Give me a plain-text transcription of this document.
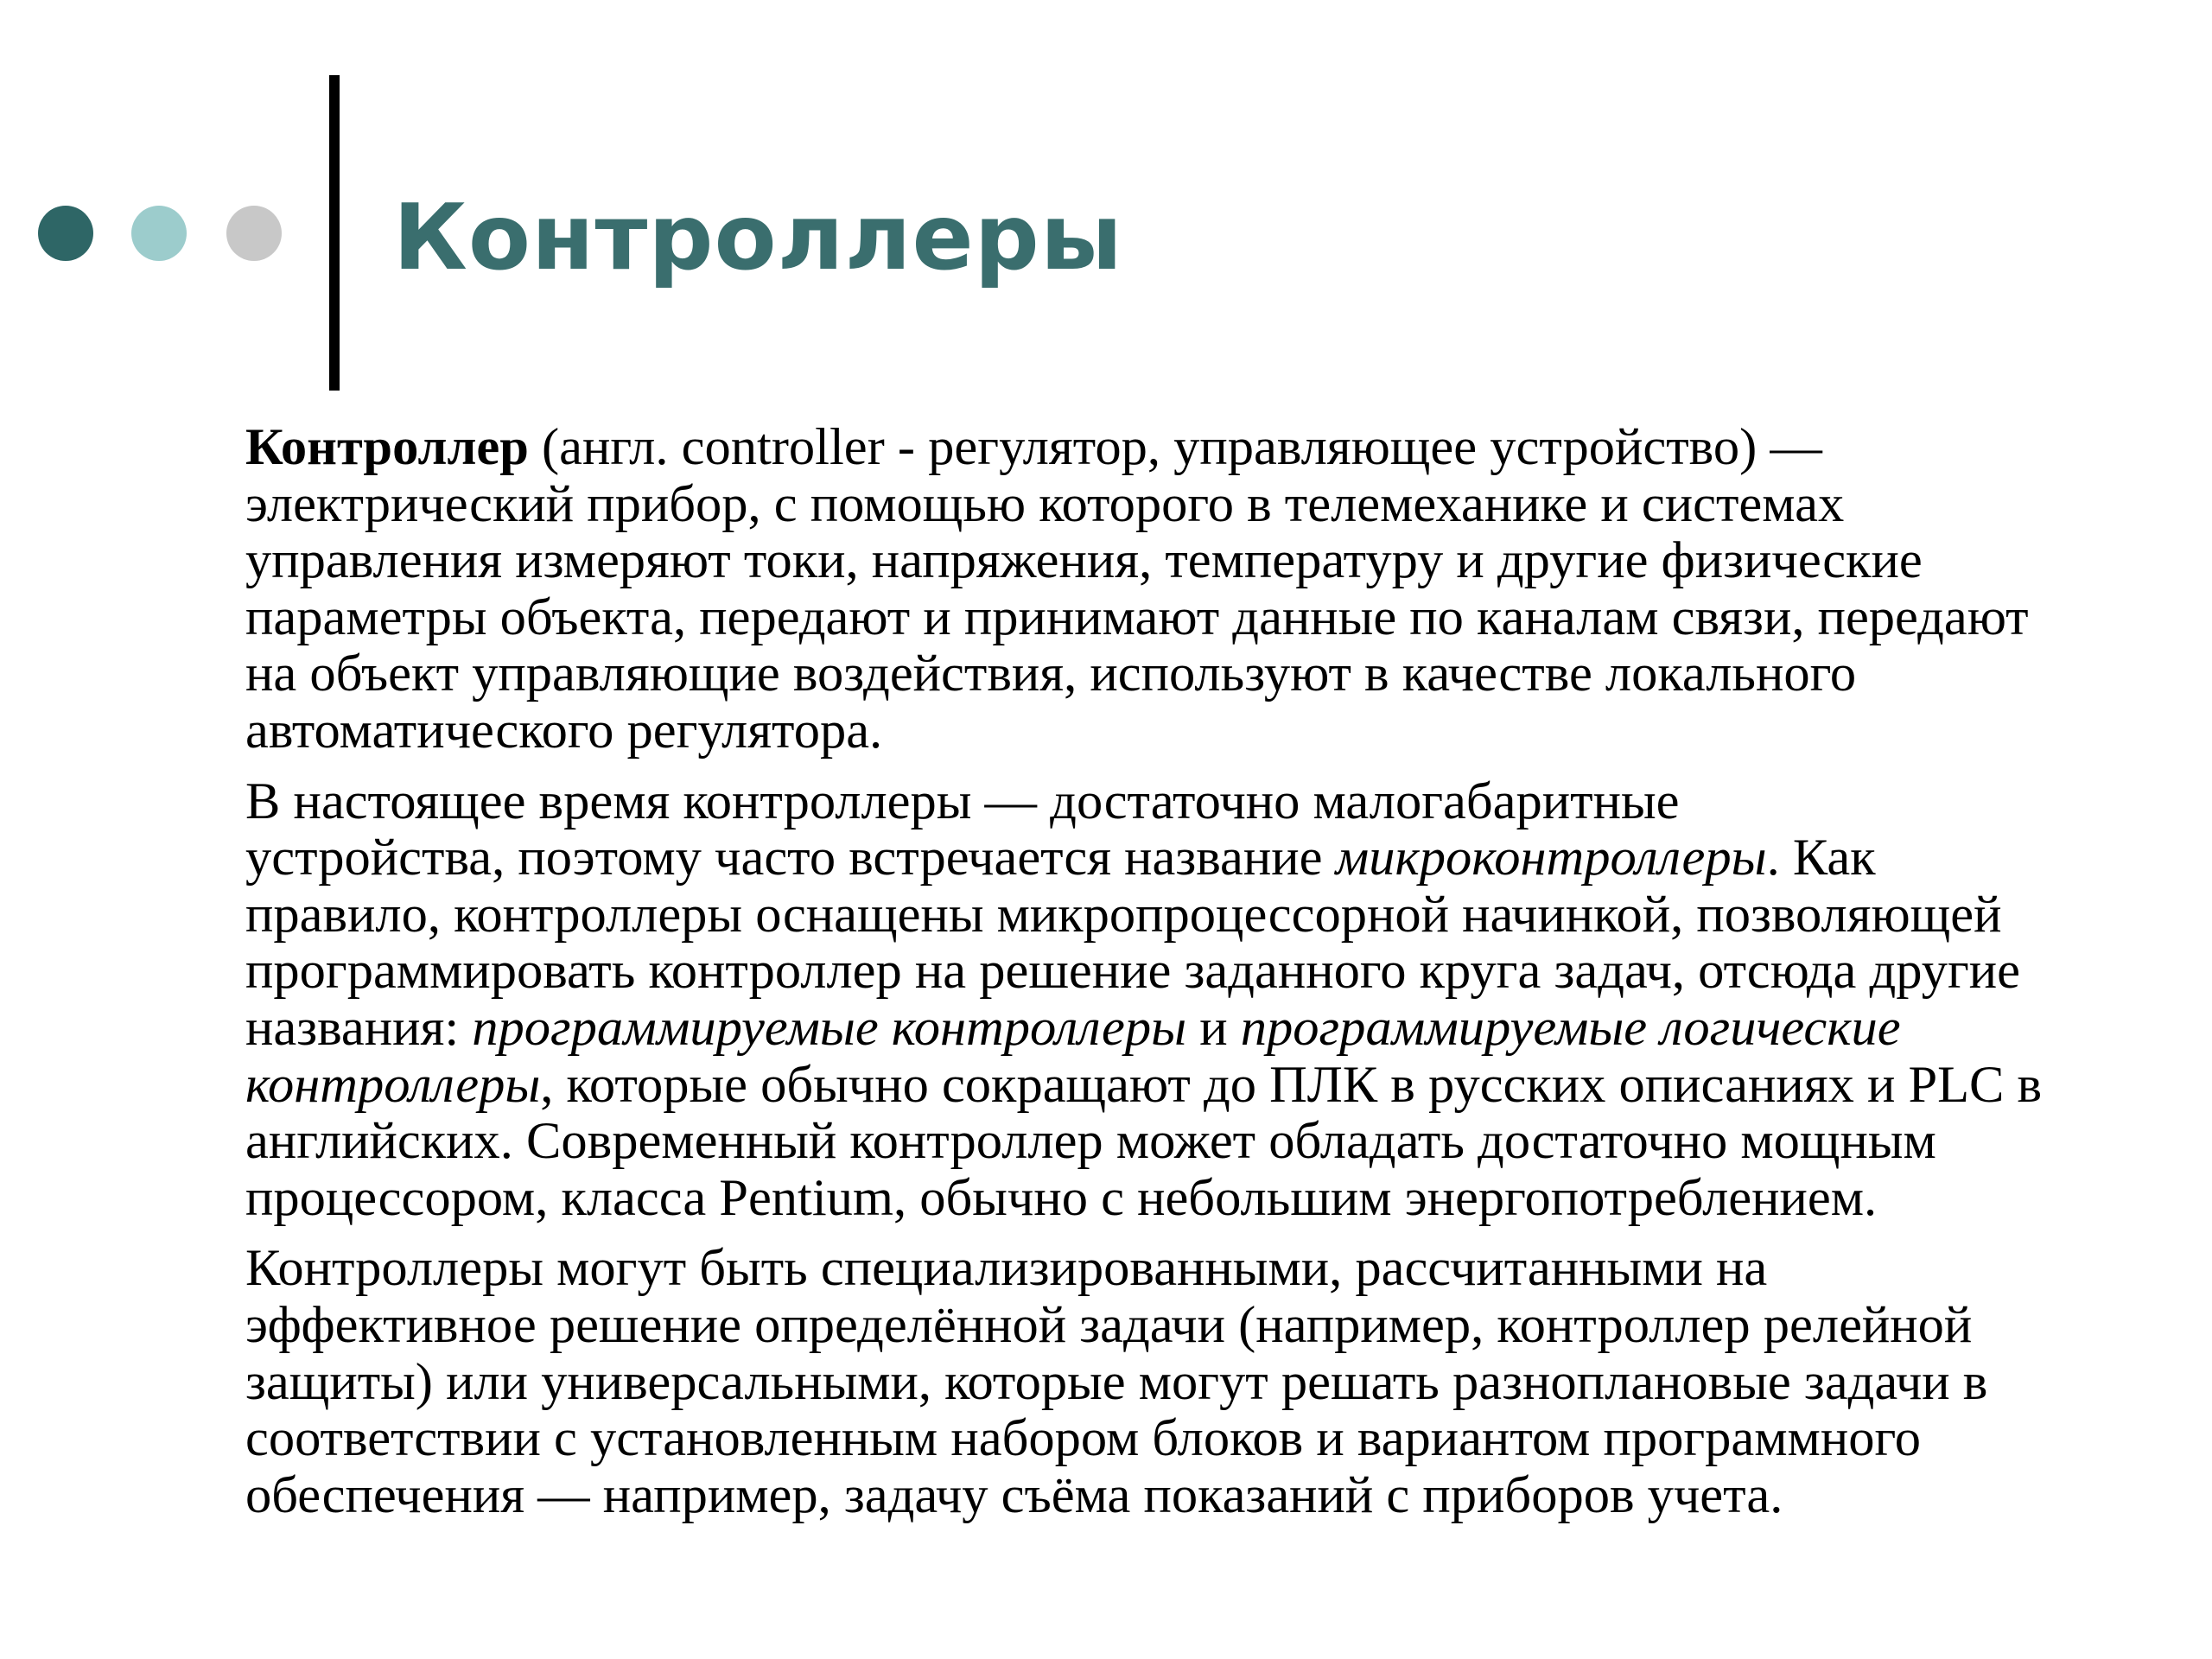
Контроллеры

Контроллер (англ. controller - регулятор, управляющее устройство) —
электрический прибор, с помощью которого в телемеханике и системах
управления измеряют токи, напряжения, температуру и другие физические
параметры объекта, передают и принимают данные по каналам связи, передают
на объект управляющие воздействия, используют в качестве локального
автоматического регулятора.

В настоящее время контроллеры — достаточно малогабаритные
устройства, поэтому часто встречается название микроконтроллеры. Как
правило, контроллеры оснащены микропроцессорной начинкой, позволяющей
программировать контроллер на решение заданного круга задач, отсюда другие
названия: программируемые контроллеры и программируемые логические
контроллеры, которые обычно сокращают до ПЛК в русских описаниях и PLC в
английских. Современный контроллер может обладать достаточно мощным
процессором, класса Pentium, обычно с небольшим энергопотреблением.

Контроллеры могут быть специализированными, рассчитанными на
эффективное решение определённой задачи (например, контроллер релейной
защиты) или универсальными, которые могут решать разноплановые задачи в
соответствии с установленным набором блоков и вариантом программного
обеспечения — например, задачу съёма показаний с приборов учета.
